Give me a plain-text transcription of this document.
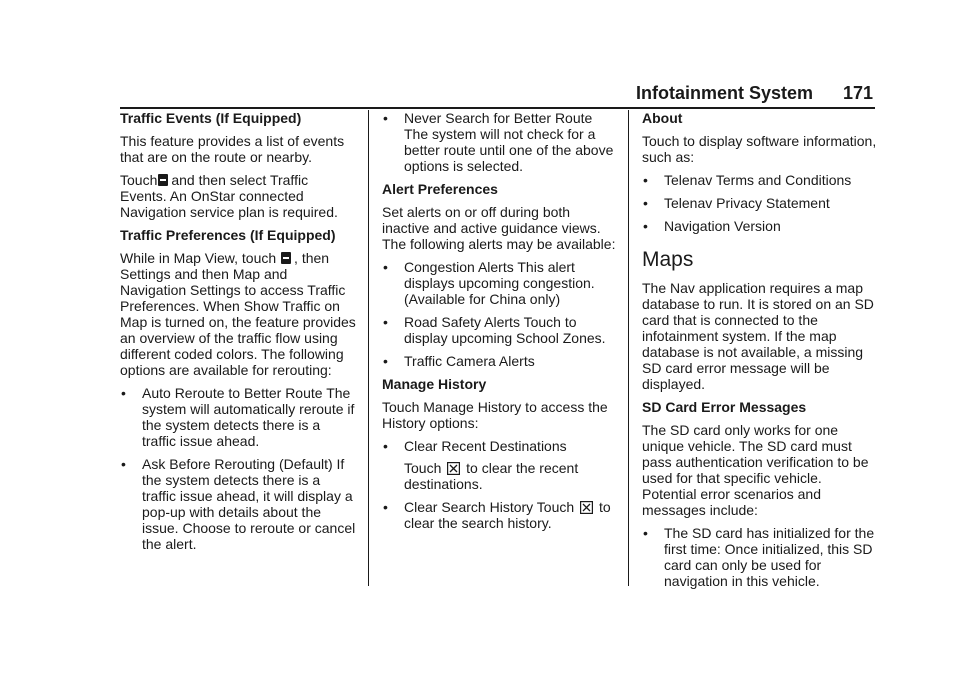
Infotainment System 171

Traffic Events (If Equipped)

This feature provides a list of events that are on the route or nearby.

Touch and then select Traffic Events. An OnStar connected Navigation service plan is required.

Traffic Preferences (If Equipped)

While in Map View, touch , then Settings and then Map and Navigation Settings to access Traffic Preferences. When Show Traffic on Map is turned on, the feature provides an overview of the traffic flow using different coded colors. The following options are available for rerouting:

• Auto Reroute to Better Route The system will automatically reroute if the system detects there is a traffic issue ahead.
• Ask Before Rerouting (Default) If the system detects there is a traffic issue ahead, it will display a pop-up with details about the issue. Choose to reroute or cancel the alert.
• Never Search for Better Route The system will not check for a better route until one of the above options is selected.

Alert Preferences

Set alerts on or off during both inactive and active guidance views. The following alerts may be available:

• Congestion Alerts This alert displays upcoming congestion. (Available for China only)
• Road Safety Alerts Touch to display upcoming School Zones.
• Traffic Camera Alerts

Manage History

Touch Manage History to access the History options:

• Clear Recent Destinations
Touch to clear the recent destinations.
• Clear Search History Touch to clear the search history.

About

Touch to display software information, such as:

• Telenav Terms and Conditions
• Telenav Privacy Statement
• Navigation Version
Maps

The Nav application requires a map database to run. It is stored on an SD card that is connected to the infotainment system. If the map database is not available, a missing SD card error message will be displayed.

SD Card Error Messages

The SD card only works for one unique vehicle. The SD card must pass authentication verification to be used for that specific vehicle. Potential error scenarios and messages include:

• The SD card has initialized for the first time: Once initialized, this SD card can only be used for navigation in this vehicle.
